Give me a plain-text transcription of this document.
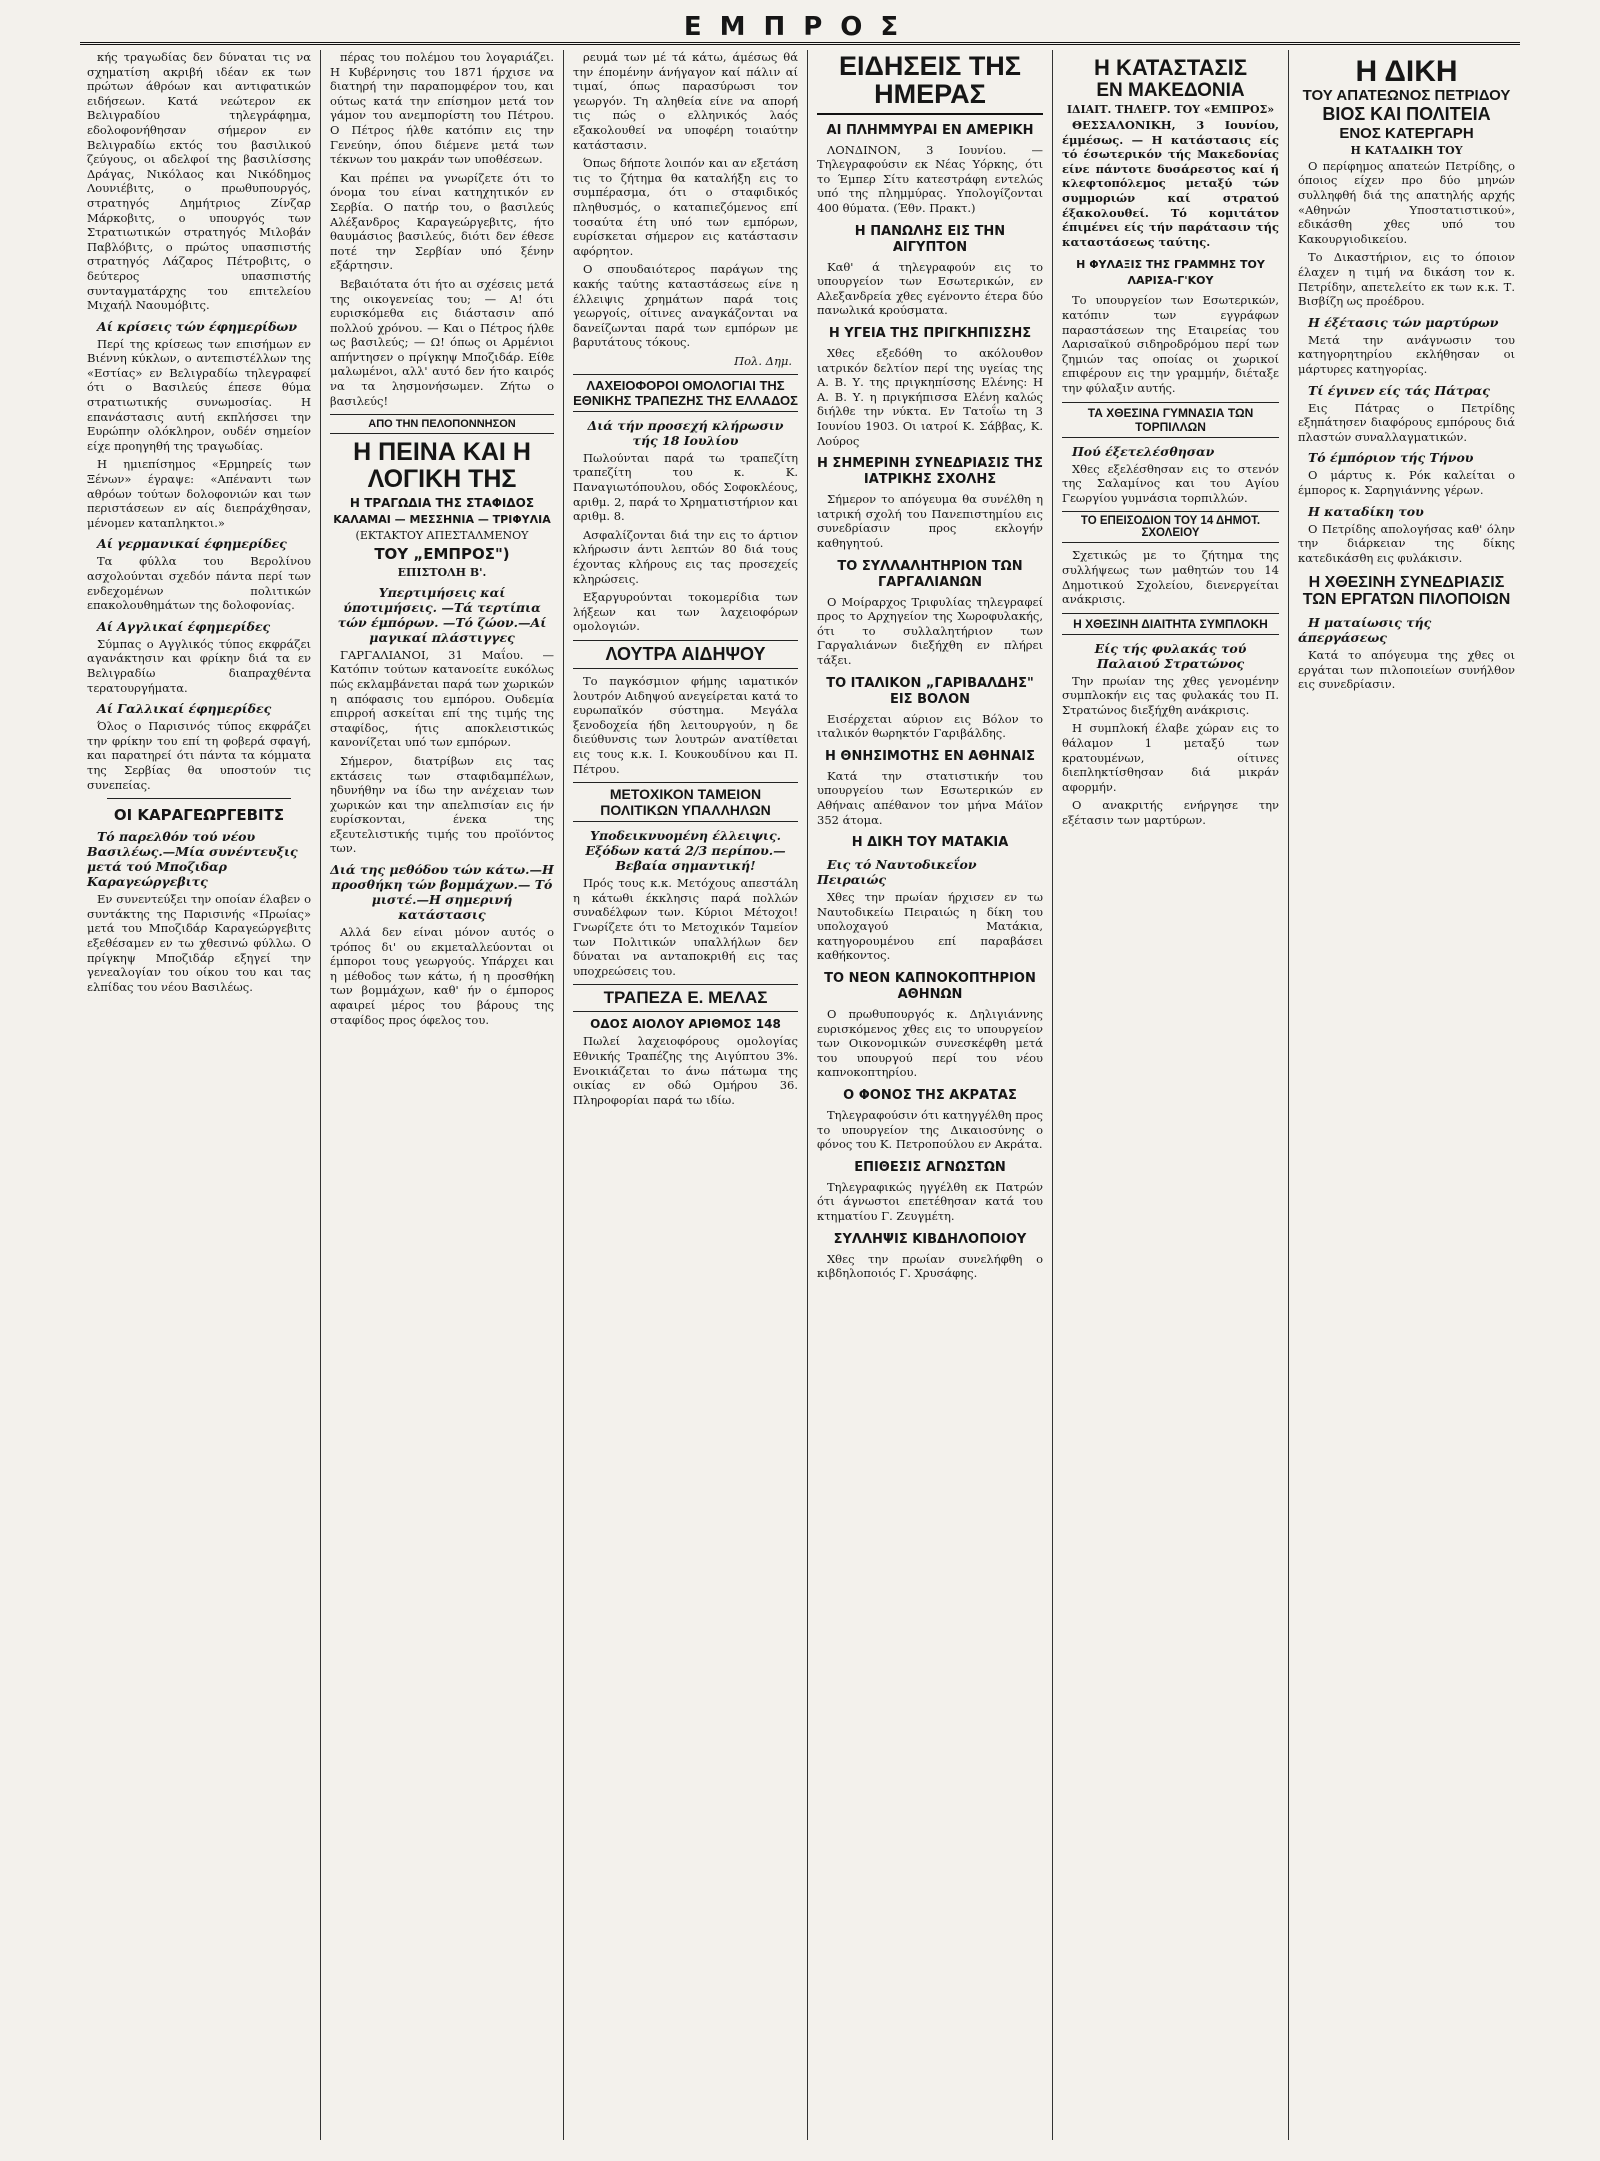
ΕΜΠΡΟΣ

κής τραγωδίας δεν δύναται τις να σχηματίση ακριβή ιδέαν εκ των πρώτων άθρόων και αντιφατικών ειδήσεων. Κατά νεώτερον εκ Βελιγραδίου τηλεγράφημα, εδολοφονήθησαν σήμερον εν Βελιγραδίω εκτός του βασιλικού ζεύγους, οι αδελφοί της βασιλίσσης Δράγας, Νικόλαος και Νικόδημος Λουνιέβιτς, ο πρωθυπουργός, στρατηγός Δημήτριος Ζίνζαρ Μάρκοβιτς, ο υπουργός των Στρατιωτικών στρατηγός Μιλοβάν Παβλόβιτς, ο πρώτος υπασπιστής στρατηγός Λάζαρος Πέτροβιτς, ο δεύτερος υπασπιστής συνταγματάρχης του επιτελείου Μιχαήλ Ναουμόβιτς.

Αί κρίσεις τών έφημερίδων

Περί της κρίσεως των επισήμων εν Βιέννη κύκλων, ο αντεπιστέλλων της «Εστίας» εν Βελιγραδίω τηλεγραφεί ότι ο Βασιλεύς έπεσε θύμα στρατιωτικής συνωμοσίας. Η επανάστασις αυτή εκπλήσσει την Ευρώπην ολόκληρον, ουδέν σημείον είχε προηγηθή της τραγωδίας.

Η ημιεπίσημος «Ερμηρείς των Ξένων» έγραψε: «Απέναντι των αθρόων τούτων δολοφονιών και των περιστάσεων εν αίς διεπράχθησαν, μένομεν καταπληκτοι.»

Αί γερμανικαί έφημερίδες

Τα φύλλα του Βερολίνου ασχολούνται σχεδόν πάντα περί των ενδεχομένων πολιτικών επακολουθημάτων της δολοφονίας.

Αί Αγγλικαί έφημερίδες

Σύμπας ο Αγγλικός τύπος εκφράζει αγανάκτησιν και φρίκην διά τα εν Βελιγραδίω διαπραχθέντα τερατουργήματα.

Αί Γαλλικαί έφημερίδες

Όλος ο Παρισινός τύπος εκφράζει την φρίκην του επί τη φοβερά σφαγή, και παρατηρεί ότι πάντα τα κόμματα της Σερβίας θα υποστούν τις συνεπείας.

ΟΙ ΚΑΡΑΓΕΩΡΓΕΒΙΤΣ
Τό παρελθόν τού νέου Βασιλέως.—Μία συνέντευξις μετά τού Μποζιδαρ Καραγεώργεβιτς

Εν συνεντεύξει την οποίαν έλαβεν ο συντάκτης της Παρισινής «Πρωίας» μετά του Μποζιδάρ Καραγεώργεβιτς εξεθέσαμεν εν τω χθεσινώ φύλλω. Ο πρίγκηψ Μποζιδάρ εξηγεί την γενεαλογίαν του οίκου του και τας ελπίδας του νέου Βασιλέως.

πέρας του πολέμου του λογαριάζει. Η Κυβέρνησις του 1871 ήρχισε να διατηρή την παραπομφέρον του, και ούτως κατά την επίσημον μετά τον γάμον του ανεμπορίστη του Πέτρου. Ο Πέτρος ήλθε κατόπιν εις την Γενεύην, όπου διέμενε μετά των τέκνων του μακράν των υποθέσεων.

Και πρέπει να γνωρίζετε ότι το όνομα του είναι κατηχητικόν εν Σερβία. Ο πατήρ του, ο βασιλεύς Αλέξανδρος Καραγεώργεβιτς, ήτο θαυμάσιος βασιλεύς, διότι δεν έθεσε ποτέ την Σερβίαν υπό ξένην εξάρτησιν.

Βεβαιότατα ότι ήτο αι σχέσεις μετά της οικογενείας του; — Α! ότι ευρισκόμεθα εις διάστασιν από πολλού χρόνου. — Και ο Πέτρος ήλθε ως βασιλεύς; — Ω! όπως οι Αρμένιοι απήντησεν ο πρίγκηψ Μποζιδάρ. Είθε μαλωμένοι, αλλ' αυτό δεν ήτο καιρός να τα λησμονήσωμεν. Ζήτω ο βασιλεύς!

ΑΠΟ ΤΗΝ ΠΕΛΟΠΟΝΝΗΣΟΝ
Η ΠΕΙΝΑ ΚΑΙ Η ΛΟΓΙΚΗ ΤΗΣ
Η ΤΡΑΓΩΔΙΑ ΤΗΣ ΣΤΑΦΙΔΟΣ
ΚΑΛΑΜΑΙ — ΜΕΣΣΗΝΙΑ — ΤΡΙΦΥΛΙΑ
(ΕΚΤΑΚΤΟΥ ΑΠΕΣΤΑΛΜΕΝΟΥ
ΤΟΥ „ΕΜΠΡΟΣ")
ΕΠΙΣΤΟΛΗ Β'.
Υπερτιμήσεις καί ύποτιμήσεις. —Τά τερτίπια τών έμπόρων. —Τό ζώον.—Αί μαγικαί πλάστιγγες

ΓΑΡΓΑΛΙΑΝΟΙ, 31 Μαΐου. — Κατόπιν τούτων κατανοείτε ευκόλως πώς εκλαμβάνεται παρά των χωρικών η απόφασις του εμπόρου. Ουδεμία επιρροή ασκείται επί της τιμής της σταφίδος, ήτις αποκλειστικώς κανονίζεται υπό των εμπόρων.

Σήμερον, διατρίβων εις τας εκτάσεις των σταφιδαμπέλων, ηδυνήθην να ίδω την ανέχειαν των χωρικών και την απελπισίαν εις ήν ευρίσκονται, ένεκα της εξευτελιστικής τιμής του προϊόντος των.

Διά της μεθόδου τών κάτω.—Η προσθήκη τών βομμάχων.— Τό μιστέ.—Η σημερινή κατάστασις

Αλλά δεν είναι μόνον αυτός ο τρόπος δι' ου εκμεταλλεύονται οι έμποροι τους γεωργούς. Υπάρχει και η μέθοδος των κάτω, ή η προσθήκη των βομμάχων, καθ' ήν ο έμπορος αφαιρεί μέρος του βάρους της σταφίδος προς όφελος του.

ρευμά των μέ τά κάτω, άμέσως θά την έπομένην άνήγαγον καί πάλιν αί τιμαί, όπως παρασύρωσι τον γεωργόν. Τη αληθεία είνε να απορή τις πώς ο ελληνικός λαός εξακολουθεί να υποφέρη τοιαύτην κατάστασιν.

Όπως δήποτε λοιπόν και αν εξετάση τις το ζήτημα θα καταλήξη εις το συμπέρασμα, ότι ο σταφιδικός πληθυσμός, ο καταπιεζόμενος επί τοσαύτα έτη υπό των εμπόρων, ευρίσκεται σήμερον εις κατάστασιν αφόρητον.

Ο σπουδαιότερος παράγων της κακής ταύτης καταστάσεως είνε η έλλειψις χρημάτων παρά τοις γεωργοίς, οίτινες αναγκάζονται να δανείζωνται παρά των εμπόρων με βαρυτάτους τόκους.

Πολ. Δημ.
ΛΑΧΕΙΟΦΟΡΟΙ ΟΜΟΛΟΓΙΑΙ ΤΗΣ ΕΘΝΙΚΗΣ ΤΡΑΠΕΖΗΣ ΤΗΣ ΕΛΛΑΔΟΣ
Διά τήν προσεχή κλήρωσιν τής 18 Ιουλίου

Πωλούνται παρά τω τραπεζίτη τραπεζίτη του κ. Κ. Παναγιωτόπουλου, οδός Σοφοκλέους, αριθμ. 2, παρά το Χρηματιστήριον και αριθμ. 8.

Ασφαλίζονται διά την εις το άρτιον κλήρωσιν άντι λεπτών 80 διά τους έχοντας κλήρους εις τας προσεχείς κληρώσεις.

Εξαργυρούνται τοκομερίδια των λήξεων και των λαχειοφόρων ομολογιών.

ΛΟΥΤΡΑ ΑΙΔΗΨΟΥ

Το παγκόσμιον φήμης ιαματικόν λουτρόν Αιδηψού ανεγείρεται κατά το ευρωπαϊκόν σύστημα. Μεγάλα ξενοδοχεία ήδη λειτουργούν, η δε διεύθυνσις των λουτρών ανατίθεται εις τους κ.κ. Ι. Κουκουδίνου και Π. Πέτρου.

ΜΕΤΟΧΙΚΟΝ ΤΑΜΕΙΟΝ ΠΟΛΙΤΙΚΩΝ ΥΠΑΛΛΗΛΩΝ
Υποδεικνυομένη έλλειψις. Εξόδων κατά 2/3 περίπου.—Βεβαία σημαντική!

Πρός τους κ.κ. Μετόχους απεστάλη η κάτωθι έκκλησις παρά πολλών συναδέλφων των. Κύριοι Μέτοχοι! Γνωρίζετε ότι το Μετοχικόν Ταμείον των Πολιτικών υπαλλήλων δεν δύναται να ανταποκριθή εις τας υποχρεώσεις του.

ΤΡΑΠΕΖΑ Ε. ΜΕΛΑΣ
ΟΔΟΣ ΑΙΟΛΟΥ ΑΡΙΘΜΟΣ 148

Πωλεί λαχειοφόρους ομολογίας Εθνικής Τραπέζης της Αιγύπτου 3%. Ενοικιάζεται το άνω πάτωμα της οικίας εν οδώ Ομήρου 36. Πληροφορίαι παρά τω ιδίω.

ΕΙΔΗΣΕΙΣ ΤΗΣ ΗΜΕΡΑΣ
ΑΙ ΠΛΗΜΜΥΡΑΙ ΕΝ ΑΜΕΡΙΚΗ

ΛΟΝΔΙΝΟΝ, 3 Ιουνίου. — Τηλεγραφούσιν εκ Νέας Υόρκης, ότι το Έμπερ Σίτυ κατεστράφη εντελώς υπό της πλημμύρας. Υπολογίζονται 400 θύματα. (Έθν. Πρακτ.)

Η ΠΑΝΩΛΗΣ ΕΙΣ ΤΗΝ ΑΙΓΥΠΤΟΝ

Καθ' ά τηλεγραφούν εις το υπουργείον των Εσωτερικών, εν Αλεξανδρεία χθες εγένοντο έτερα δύο πανωλικά κρούσματα.

Η ΥΓΕΙΑ ΤΗΣ ΠΡΙΓΚΗΠΙΣΣΗΣ

Χθες εξεδόθη το ακόλουθον ιατρικόν δελτίον περί της υγείας της Α. Β. Υ. της πριγκηπίσσης Ελένης: Η Α. Β. Υ. η πριγκήπισσα Ελένη καλώς διήλθε την νύκτα. Εν Τατοΐω τη 3 Ιουνίου 1903. Οι ιατροί Κ. Σάββας, Κ. Λούρος

Η ΣΗΜΕΡΙΝΗ ΣΥΝΕΔΡΙΑΣΙΣ ΤΗΣ ΙΑΤΡΙΚΗΣ ΣΧΟΛΗΣ

Σήμερον το απόγευμα θα συνέλθη η ιατρική σχολή του Πανεπιστημίου εις συνεδρίασιν προς εκλογήν καθηγητού.

ΤΟ ΣΥΛΛΑΛΗΤΗΡΙΟΝ ΤΩΝ ΓΑΡΓΑΛΙΑΝΩΝ

Ο Μοίραρχος Τριφυλίας τηλεγραφεί προς το Αρχηγείον της Χωροφυλακής, ότι το συλλαλητήριον των Γαργαλιάνων διεξήχθη εν πλήρει τάξει.

ΤΟ ΙΤΑΛΙΚΟΝ „ΓΑΡΙΒΑΛΔΗΣ" ΕΙΣ ΒΟΛΟΝ

Εισέρχεται αύριον εις Βόλον το ιταλικόν θωρηκτόν Γαριβάλδης.

Η ΘΝΗΣΙΜΟΤΗΣ ΕΝ ΑΘΗΝΑΙΣ

Κατά την στατιστικήν του υπουργείου των Εσωτερικών εν Αθήναις απέθανον τον μήνα Μάϊον 352 άτομα.

Η ΔΙΚΗ ΤΟΥ ΜΑΤΑΚΙΑ
Εις τό Ναυτοδικεΐον Πειραιώς

Χθες την πρωίαν ήρχισεν εν τω Ναυτοδικείω Πειραιώς η δίκη του υπολοχαγού Ματάκια, κατηγορουμένου επί παραβάσει καθήκοντος.

ΤΟ ΝΕΟΝ ΚΑΠΝΟΚΟΠΤΗΡΙΟΝ ΑΘΗΝΩΝ

Ο πρωθυπουργός κ. Δηλιγιάννης ευρισκόμενος χθες εις το υπουργείον των Οικονομικών συνεσκέφθη μετά του υπουργού περί του νέου καπνοκοπτηρίου.

Ο ΦΟΝΟΣ ΤΗΣ ΑΚΡΑΤΑΣ

Τηλεγραφούσιν ότι κατηγγέλθη προς το υπουργείον της Δικαιοσύνης ο φόνος του Κ. Πετροπούλου εν Ακράτα.

ΕΠΙΘΕΣΙΣ ΑΓΝΩΣΤΩΝ

Τηλεγραφικώς ηγγέλθη εκ Πατρών ότι άγνωστοι επετέθησαν κατά του κτηματίου Γ. Ζευγμέτη.

ΣΥΛΛΗΨΙΣ ΚΙΒΔΗΛΟΠΟΙΟΥ

Χθες την πρωίαν συνελήφθη ο κιβδηλοποιός Γ. Χρυσάφης.

Η ΚΑΤΑΣΤΑΣΙΣ
ΕΝ ΜΑΚΕΔΟΝΙΑ
ΙΔΙΑΙΤ. ΤΗΛΕΓΡ. ΤΟΥ «ΕΜΠΡΟΣ»

ΘΕΣΣΑΛΟΝΙΚΗ, 3 Ιουνίου, έμμέσως. — Η κατάστασις είς τό έσωτερικόν τής Μακεδονίας είνε πάντοτε δυσάρεστος καί ή κλεφτοπόλεμος μεταξύ τών συμμοριών καί στρατού έξακολουθεί. Τό κομιτάτον έπιμένει είς τήν παράτασιν τής καταστάσεως ταύτης.

Η ΦΥΛΑΞΙΣ ΤΗΣ ΓΡΑΜΜΗΣ ΤΟΥ ΛΑΡΙΣΑ-Γ'ΚΟΥ

Το υπουργείον των Εσωτερικών, κατόπιν των εγγράφων παραστάσεων της Εταιρείας του Λαρισαϊκού σιδηροδρόμου περί των ζημιών τας οποίας οι χωρικοί επιφέρουν εις την γραμμήν, διέταξε την φύλαξιν αυτής.

ΤΑ ΧΘΕΣΙΝΑ ΓΥΜΝΑΣΙΑ ΤΩΝ ΤΟΡΠΙΛΛΩΝ
Πού έξετελέσθησαν

Χθες εξελέσθησαν εις το στενόν της Σαλαμίνος και του Αγίου Γεωργίου γυμνάσια τορπιλλών.

ΤΟ ΕΠΕΙΣΟΔΙΟΝ ΤΟΥ 14 ΔΗΜΟΤ. ΣΧΟΛΕΙΟΥ

Σχετικώς με το ζήτημα της συλλήψεως των μαθητών του 14 Δημοτικού Σχολείου, διενεργείται ανάκρισις.

Η ΧΘΕΣΙΝΗ ΔΙΑΙΤΗΤΑ ΣΥΜΠΛΟΚΗ
Είς τής φυλακάς τού Παλαιού Στρατώνος

Την πρωίαν της χθες γενομένην συμπλοκήν εις τας φυλακάς του Π. Στρατώνος διεξήχθη ανάκρισις.

Η συμπλοκή έλαβε χώραν εις το θάλαμον 1 μεταξύ των κρατουμένων, οίτινες διεπληκτίσθησαν διά μικράν αφορμήν.

Ο ανακριτής ενήργησε την εξέτασιν των μαρτύρων.

Η ΔΙΚΗ
ΤΟΥ ΑΠΑΤΕΩΝΟΣ ΠΕΤΡΙΔΟΥ
ΒΙΟΣ ΚΑΙ ΠΟΛΙΤΕΙΑ
ΕΝΟΣ ΚΑΤΕΡΓΑΡΗ
Η ΚΑΤΑΔΙΚΗ ΤΟΥ

Ο περίφημος απατεών Πετρίδης, ο όποιος είχεν προ δύο μηνών συλληφθή διά της απατηλής αρχής «Αθηνών Υποστατιστικού», εδικάσθη χθες υπό του Κακουργιοδικείου.

Το Δικαστήριον, εις το όποιον έλαχεν η τιμή να δικάση τον κ. Πετρίδην, απετελείτο εκ των κ.κ. Τ. Βισβίζη ως προέδρου.

Η έξέτασις τών μαρτύρων

Μετά την ανάγνωσιν του κατηγορητηρίου εκλήθησαν οι μάρτυρες κατηγορίας.

Τί έγινεν είς τάς Πάτρας

Εις Πάτρας ο Πετρίδης εξηπάτησεν διαφόρους εμπόρους διά πλαστών συναλλαγματικών.

Τό έμπόριον τής Τήνου

Ο μάρτυς κ. Ρόκ καλείται ο έμπορος κ. Σαρηγιάννης γέρων.

Η καταδίκη του

Ο Πετρίδης απολογήσας καθ' όλην την διάρκειαν της δίκης κατεδικάσθη εις φυλάκισιν.

Η ΧΘΕΣΙΝΗ ΣΥΝΕΔΡΙΑΣΙΣ
ΤΩΝ ΕΡΓΑΤΩΝ ΠΙΛΟΠΟΙΩΝ
Η ματαίωσις τής άπεργάσεως

Κατά το απόγευμα της χθες οι εργάται των πιλοποιείων συνήλθον εις συνεδρίασιν.
